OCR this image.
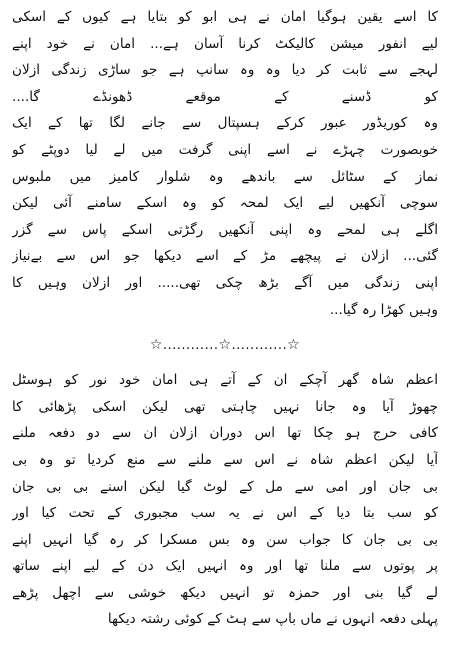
کا اسے یقین ہوگیا امان نے ہی ابو کو بتایا ہے کیوں کے اسکی
لیے انفور میشن کالیکٹ کرنا آسان ہے... امان نے خود اپنے
لہجے سے ثابت کر دیا وہ وہ سانپ ہے جو ساڑی زندگی ازلان
کو ڈسنے کے موقعے ڈھونڈے گا....
وہ کوریڈور عبور کرکے ہسپتال سے جانے لگا تھا کے ایک
خوبصورت چہڑے نے اسے اپنی گرفت میں لے لیا دوپٹے کو
نماز کے سٹائل سے باندھے وہ شلوار کامیز میں ملبوس
سوچی آنکھیں لیے ایک لمحہ کو وہ اسکے سامنے آئی لیکن
اگلے ہی لمحے وہ اپنی آنکھیں رگڑتی اسکے پاس سے گزر
گئی... ازلان نے پیچھے مڑ کے اسے دیکھا جو اس سے بےنیاز
اپنی زندگی میں آگے بڑھ چکی تھی..... اور ازلان وہیں کا
وہیں کھڑا رہ گیا...
☆............☆............☆
اعظم شاہ گھر آچکے ان کے آتے ہی امان خود نور کو ہوسٹل
چھوڑ آیا وہ جانا نہیں چاہتی تھی لیکن اسکی پڑھائی کا
کافی حرج ہو چکا تھا اس دوران ازلان ان سے دو دفعہ ملنے
آیا لیکن اعظم شاہ نے اس سے ملنے سے منع کردیا تو وہ بی
بی جان اور امی سے مل کے لوٹ گیا لیکن اسنے بی بی جان
کو سب بتا دیا کے اس نے یہ سب مجبوری کے تحت کیا اور
بی بی جان کا جواب سن وہ بس مسکرا کر رہ گیا انہیں اپنے
پر پوتوں سے ملنا تھا اور وہ انہیں ایک دن کے لیے اپنے ساتھ
لے گیا بنی اور حمزہ تو انہیں دیکھ خوشی سے اچھل پڑھے
پہلی دفعہ انہوں نے ماں باپ سے ہٹ کے کوئی رشتہ دیکھا
